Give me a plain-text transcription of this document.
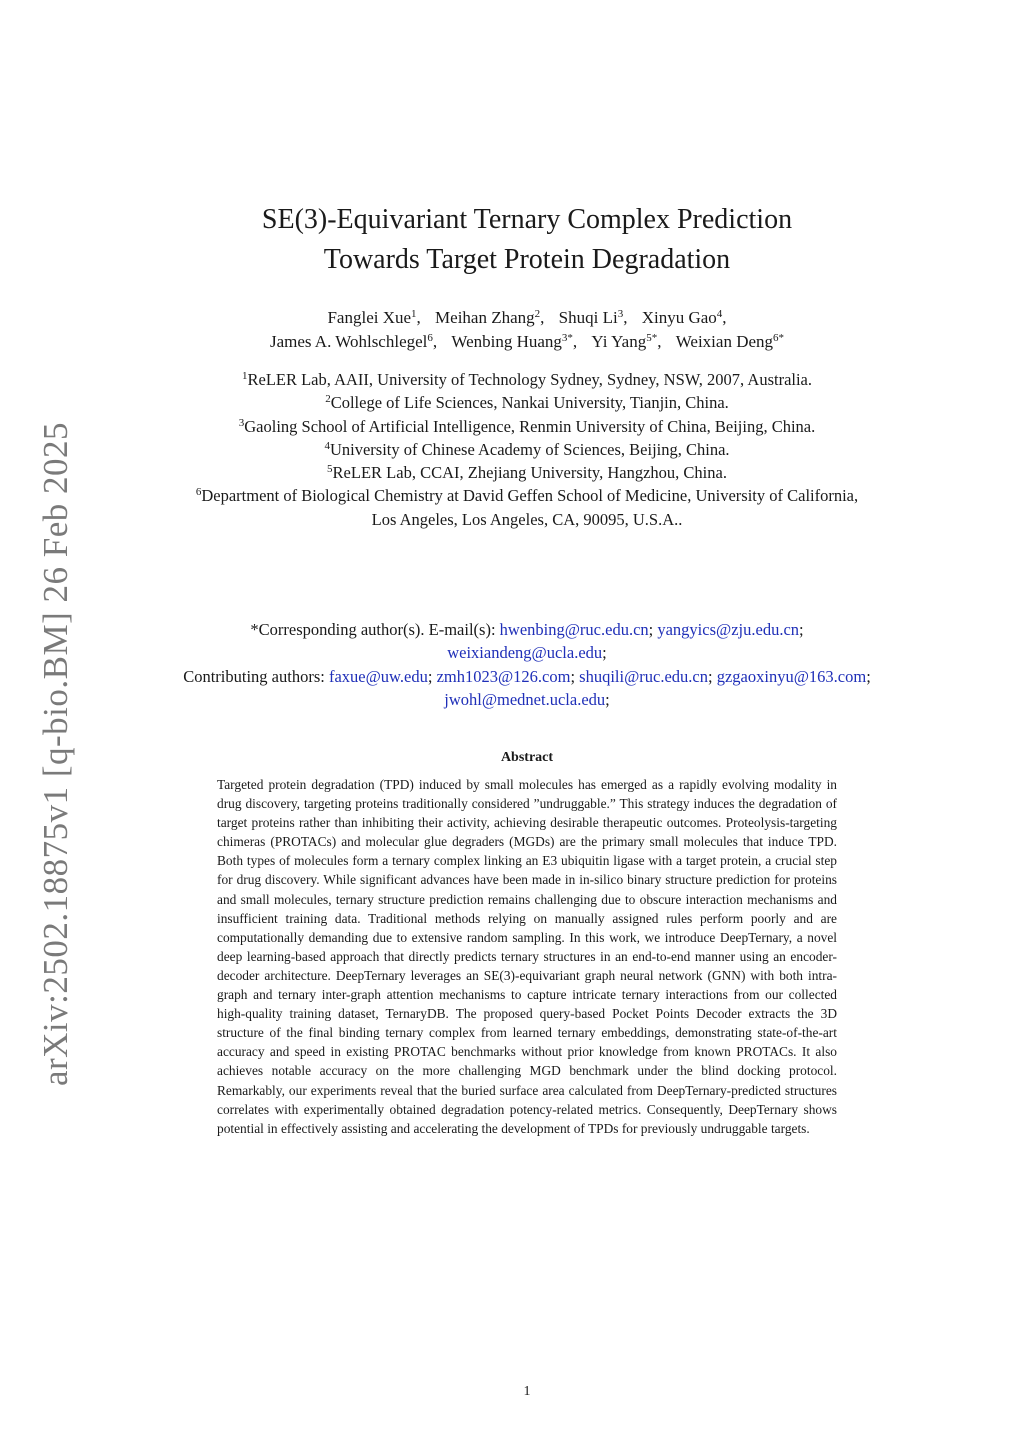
arXiv:2502.18875v1 [q-bio.BM] 26 Feb 2025
SE(3)-Equivariant Ternary Complex Prediction
Towards Target Protein Degradation
Fanglei Xue$^1$, Meihan Zhang$^2$, Shuqi Li$^3$, Xinyu Gao$^4$,
James A. Wohlschlegel$^6$, Wenbing Huang$^{3*}$, Yi Yang$^{5*}$, Weixian Deng$^{6*}$
$^1$ReLER Lab, AAII, University of Technology Sydney, Sydney, NSW, 2007, Australia.
$^2$College of Life Sciences, Nankai University, Tianjin, China.
$^3$Gaoling School of Artificial Intelligence, Renmin University of China, Beijing, China.
$^4$University of Chinese Academy of Sciences, Beijing, China.
$^5$ReLER Lab, CCAI, Zhejiang University, Hangzhou, China.
$^6$Department of Biological Chemistry at David Geffen School of Medicine, University of California, Los Angeles, Los Angeles, CA, 90095, U.S.A..
*Corresponding author(s). E-mail(s): hwenbing@ruc.edu.cn; yangyics@zju.edu.cn; weixiandeng@ucla.edu;
Contributing authors: faxue@uw.edu; zmh1023@126.com; shuqili@ruc.edu.cn; gzgaoxinyu@163.com; jwohl@mednet.ucla.edu;
Abstract

Targeted protein degradation (TPD) induced by small molecules has emerged as a rapidly evolving modality in drug discovery, targeting proteins traditionally considered ”undruggable.” This strategy induces the degradation of target proteins rather than inhibiting their activity, achieving desirable therapeutic outcomes. Proteolysis-targeting chimeras (PROTACs) and molecular glue degraders (MGDs) are the primary small molecules that induce TPD. Both types of molecules form a ternary complex linking an E3 ubiquitin ligase with a target protein, a crucial step for drug discovery. While significant advances have been made in in-silico binary structure prediction for proteins and small molecules, ternary structure prediction remains challenging due to obscure interaction mechanisms and insufficient training data. Traditional methods relying on manually assigned rules perform poorly and are computationally demanding due to extensive random sampling. In this work, we introduce DeepTernary, a novel deep learning-based approach that directly predicts ternary structures in an end-to-end manner using an encoder-decoder architecture. DeepTernary leverages an SE(3)-equivariant graph neural network (GNN) with both intra-graph and ternary inter-graph attention mechanisms to capture intricate ternary interactions from our collected high-quality training dataset, TernaryDB. The proposed query-based Pocket Points Decoder extracts the 3D structure of the final binding ternary complex from learned ternary embeddings, demonstrating state-of-the-art accuracy and speed in existing PROTAC benchmarks without prior knowledge from known PROTACs. It also achieves notable accuracy on the more challenging MGD benchmark under the blind docking protocol. Remarkably, our experiments reveal that the buried surface area calculated from DeepTernary-predicted structures correlates with experimentally obtained degradation potency-related metrics. Consequently, DeepTernary shows potential in effectively assisting and accelerating the development of TPDs for previously undruggable targets.

1
